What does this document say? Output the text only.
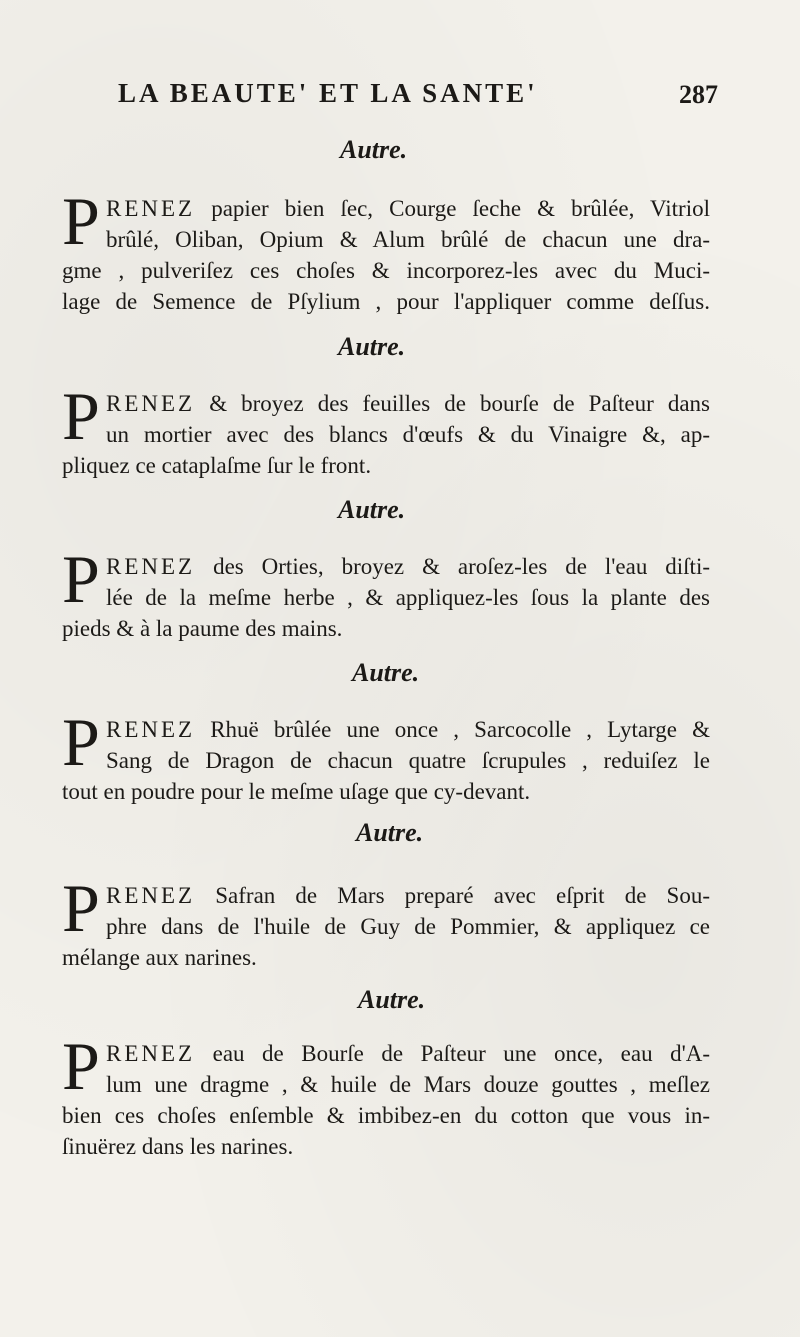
LA BEAUTE' ET LA SANTE'	287
Autre.
P RENEZ papier bien ſec, Courge ſeche & brûlée, Vitriol
brûlé, Oliban, Opium & Alum brûlé de chacun une dra-
gme , pulveriſez ces choſes & incorporez-les avec du Muci-
lage de Semence de Pſylium , pour l'appliquer comme deſſus.
Autre.
P RENEZ & broyez des feuilles de bourſe de Paſteur dans
un mortier avec des blancs d'œufs & du Vinaigre &, ap-
pliquez ce cataplaſme ſur le front.
Autre.
P RENEZ des Orties, broyez & aroſez-les de l'eau diſti-
lée de la meſme herbe , & appliquez-les ſous la plante des
pieds & à la paume des mains.
Autre.
P RENEZ Rhuë brûlée une once , Sarcocolle , Lytarge &
Sang de Dragon de chacun quatre ſcrupules , reduiſez le
tout en poudre pour le meſme uſage que cy-devant.
Autre.
P RENEZ Safran de Mars preparé avec eſprit de Sou-
phre dans de l'huile de Guy de Pommier, & appliquez ce
mélange aux narines.
Autre.
P RENEZ eau de Bourſe de Paſteur une once, eau d'A-
lum une dragme , & huile de Mars douze gouttes , meſlez
bien ces choſes enſemble & imbibez-en du cotton que vous in-
ſinuërez dans les narines.
